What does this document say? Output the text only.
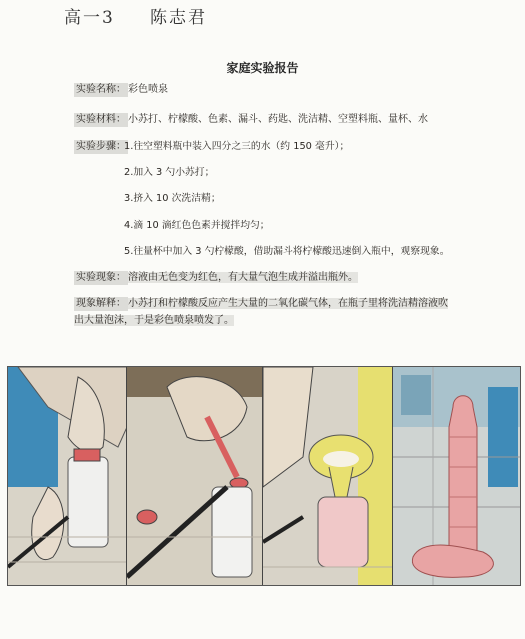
高一3 陈志君
家庭实验报告
实验名称： 彩色喷泉
实验材料： 小苏打、柠檬酸、色素、漏斗、药匙、洗洁精、空塑料瓶、量杯、水
实验步骤：
1.往空塑料瓶中装入四分之三的水（约 150 毫升）；
2.加入 3 勺小苏打；
3.挤入 10 次洗洁精；
4.滴 10 滴红色色素并搅拌均匀；
5.往量杯中加入 3 勺柠檬酸，借助漏斗将柠檬酸迅速倒入瓶中，观察现象。
实验现象： 溶液由无色变为红色，有大量气泡生成并溢出瓶外。
现象解释： 小苏打和柠檬酸反应产生大量的二氧化碳气体，在瓶子里将洗洁精溶液吹
出大量泡沫，于是彩色喷泉喷发了。
